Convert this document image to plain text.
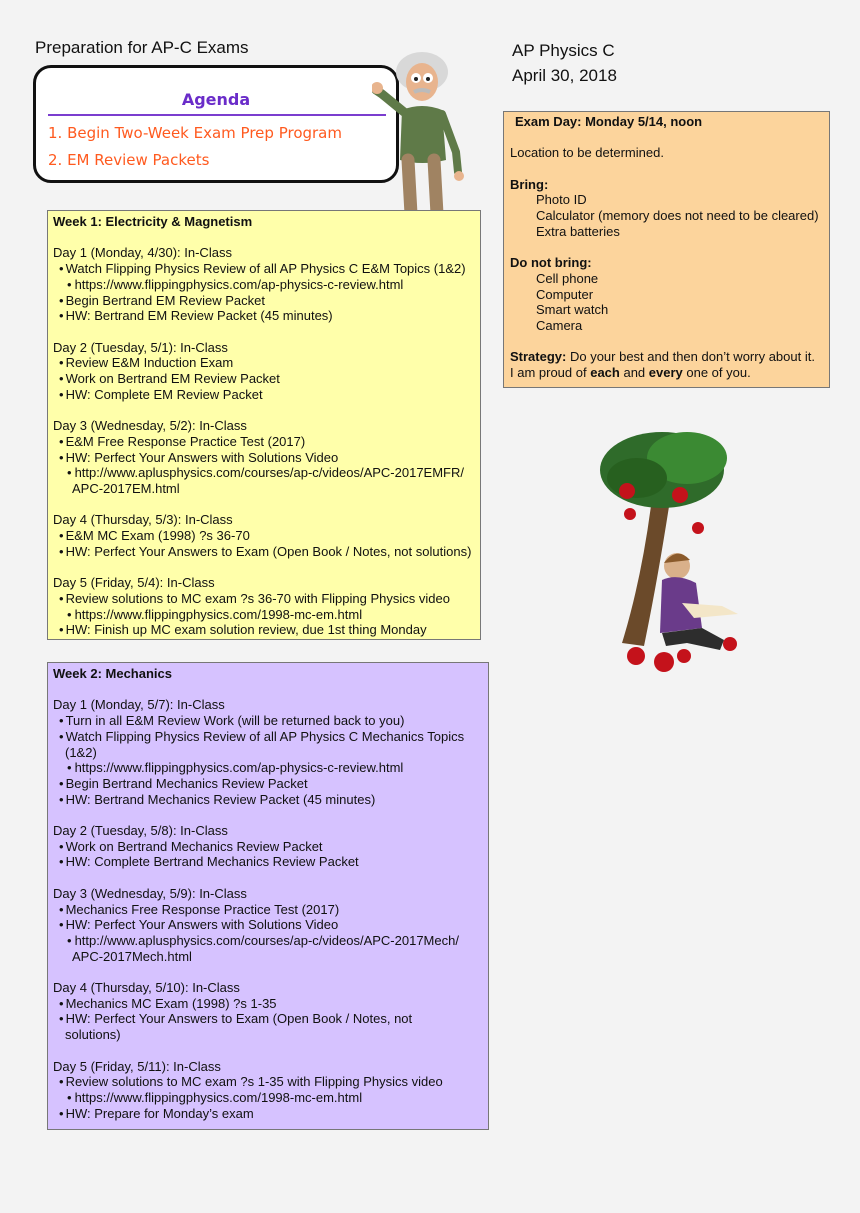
Preparation for AP-C Exams	AP Physics C
April 30, 2018
Agenda
1. Begin Two-Week Exam Prep Program
2. EM Review Packets
Week 1: Electricity & Magnetism
Day 1 (Monday, 4/30): In-Class
• Watch Flipping Physics Review of all AP Physics C E&M Topics (1&2)
• https://www.flippingphysics.com/ap-physics-c-review.html
• Begin Bertrand EM Review Packet
• HW: Bertrand EM Review Packet (45 minutes)
Day 2 (Tuesday, 5/1): In-Class
• Review E&M Induction Exam
• Work on Bertrand EM Review Packet
• HW: Complete EM Review Packet
Day 3 (Wednesday, 5/2): In-Class
• E&M Free Response Practice Test (2017)
• HW: Perfect Your Answers with Solutions Video
• http://www.aplusphysics.com/courses/ap-c/videos/APC-2017EMFR/
APC-2017EM.html
Day 4 (Thursday, 5/3): In-Class
• E&M MC Exam (1998) ?s 36-70
• HW: Perfect Your Answers to Exam (Open Book / Notes, not solutions)
Day 5 (Friday, 5/4): In-Class
• Review solutions to MC exam ?s 36-70 with Flipping Physics video
• https://www.flippingphysics.com/1998-mc-em.html
• HW: Finish up MC exam solution review, due 1st thing Monday
Week 2: Mechanics
Day 1 (Monday, 5/7): In-Class
• Turn in all E&M Review Work (will be returned back to you)
• Watch Flipping Physics Review of all AP Physics C Mechanics Topics
(1&2)
• https://www.flippingphysics.com/ap-physics-c-review.html
• Begin Bertrand Mechanics Review Packet
• HW: Bertrand Mechanics Review Packet (45 minutes)
Day 2 (Tuesday, 5/8): In-Class
• Work on Bertrand Mechanics Review Packet
• HW: Complete Bertrand Mechanics Review Packet
Day 3 (Wednesday, 5/9): In-Class
• Mechanics Free Response Practice Test (2017)
• HW: Perfect Your Answers with Solutions Video
• http://www.aplusphysics.com/courses/ap-c/videos/APC-2017Mech/
APC-2017Mech.html
Day 4 (Thursday, 5/10): In-Class
• Mechanics MC Exam (1998) ?s 1-35
• HW: Perfect Your Answers to Exam (Open Book / Notes, not
solutions)
Day 5 (Friday, 5/11): In-Class
• Review solutions to MC exam ?s 1-35 with Flipping Physics video
• https://www.flippingphysics.com/1998-mc-em.html
• HW: Prepare for Monday’s exam
Exam Day: Monday 5/14, noon
Location to be determined.
Bring:
Photo ID
Calculator (memory does not need to be cleared)
Extra batteries
Do not bring:
Cell phone
Computer
Smart watch
Camera
Strategy: Do your best and then don’t worry about it.
I am proud of each and every one of you.
